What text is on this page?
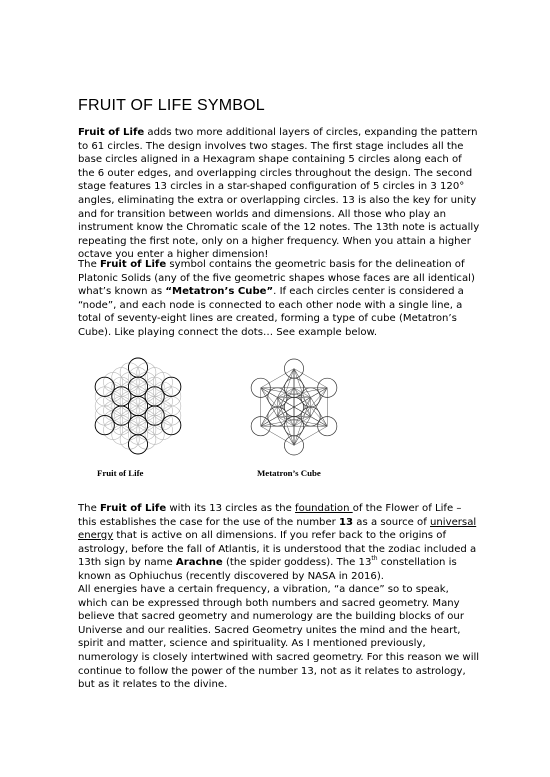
FRUIT OF LIFE SYMBOL

Fruit of Life adds two more additional layers of circles, expanding the pattern to 61 circles. The design involves two stages. The first stage includes all the base circles aligned in a Hexagram shape containing 5 circles along each of the 6 outer edges, and overlapping circles throughout the design. The second stage features 13 circles in a star-shaped configuration of 5 circles in 3 120° angles, eliminating the extra or overlapping circles. 13 is also the key for unity and for transition between worlds and dimensions. All those who play an instrument know the Chromatic scale of the 12 notes. The 13th note is actually repeating the first note, only on a higher frequency. When you attain a higher octave you enter a higher dimension!

The Fruit of Life symbol contains the geometric basis for the delineation of Platonic Solids (any of the five geometric shapes whose faces are all identical) what’s known as “Metatron’s Cube”. If each circles center is considered a “node”, and each node is connected to each other node with a single line, a total of seventy-eight lines are created, forming a type of cube (Metatron’s Cube). Like playing connect the dots… See example below.

Fruit of Life	Metatron’s Cube

The Fruit of Life with its 13 circles as the foundation of the Flower of Life – this establishes the case for the use of the number 13 as a source of universal energy that is active on all dimensions. If you refer back to the origins of astrology, before the fall of Atlantis, it is understood that the zodiac included a 13th sign by name Arachne (the spider goddess). The 13th constellation is known as Ophiuchus (recently discovered by NASA in 2016).

All energies have a certain frequency, a vibration, “a dance” so to speak, which can be expressed through both numbers and sacred geometry. Many believe that sacred geometry and numerology are the building blocks of our Universe and our realities. Sacred Geometry unites the mind and the heart, spirit and matter, science and spirituality. As I mentioned previously, numerology is closely intertwined with sacred geometry. For this reason we will continue to follow the power of the number 13, not as it relates to astrology, but as it relates to the divine.
